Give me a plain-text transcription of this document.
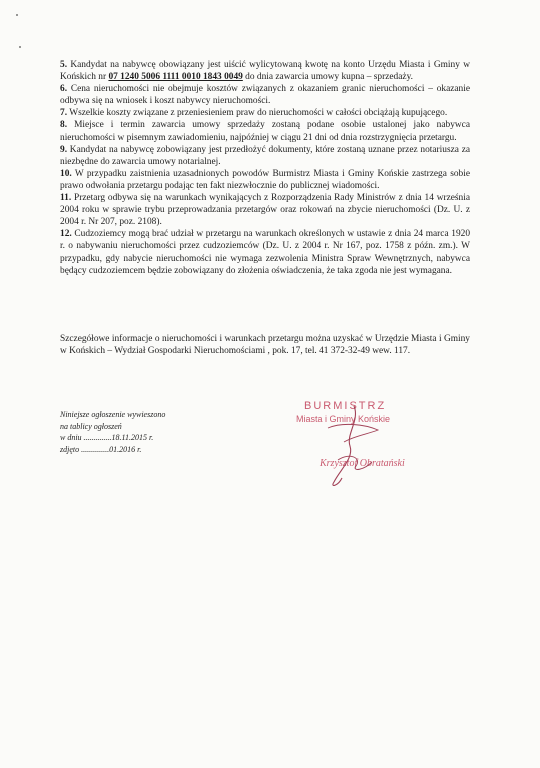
5. Kandydat na nabywcę obowiązany jest uiścić wylicytowaną kwotę na konto Urzędu Miasta i Gminy w Końskich nr 07 1240 5006 1111 0010 1843 0049 do dnia zawarcia umowy kupna – sprzedaży.

6. Cena nieruchomości nie obejmuje kosztów związanych z okazaniem granic nieruchomości – okazanie odbywa się na wniosek i koszt nabywcy nieruchomości.

7. Wszelkie koszty związane z przeniesieniem praw do nieruchomości w całości obciążają kupującego.

8. Miejsce i termin zawarcia umowy sprzedaży zostaną podane osobie ustalonej jako nabywca nieruchomości w pisemnym zawiadomieniu, najpóźniej w ciągu 21 dni od dnia rozstrzygnięcia przetargu.

9. Kandydat na nabywcę zobowiązany jest przedłożyć dokumenty, które zostaną uznane przez notariusza za niezbędne do zawarcia umowy notarialnej.

10. W przypadku zaistnienia uzasadnionych powodów Burmistrz Miasta i Gminy Końskie zastrzega sobie prawo odwołania przetargu podając ten fakt niezwłocznie do publicznej wiadomości.

11. Przetarg odbywa się na warunkach wynikających z Rozporządzenia Rady Ministrów z dnia 14 września 2004 roku w sprawie trybu przeprowadzania przetargów oraz rokowań na zbycie nieruchomości (Dz. U. z 2004 r. Nr 207, poz. 2108).

12. Cudzoziemcy mogą brać udział w przetargu na warunkach określonych w ustawie z dnia 24 marca 1920 r. o nabywaniu nieruchomości przez cudzoziemców (Dz. U. z 2004 r. Nr 167, poz. 1758 z późn. zm.). W przypadku, gdy nabycie nieruchomości nie wymaga zezwolenia Ministra Spraw Wewnętrznych, nabywca będący cudzoziemcem będzie zobowiązany do złożenia oświadczenia, że taka zgoda nie jest wymagana.

Szczegółowe informacje o nieruchomości i warunkach przetargu można uzyskać w Urzędzie Miasta i Gminy w Końskich – Wydział Gospodarki Nieruchomościami , pok. 17, tel. 41 372-32-49 wew. 117.

Niniejsze ogłoszenie wywieszono
na tablicy ogłoszeń
w dniu ..............18.11.2015 r.
zdjęto ..............01.2016 r.
BURMISTRZ
Miasta i Gminy Końskie
Krzysztof Obratański
